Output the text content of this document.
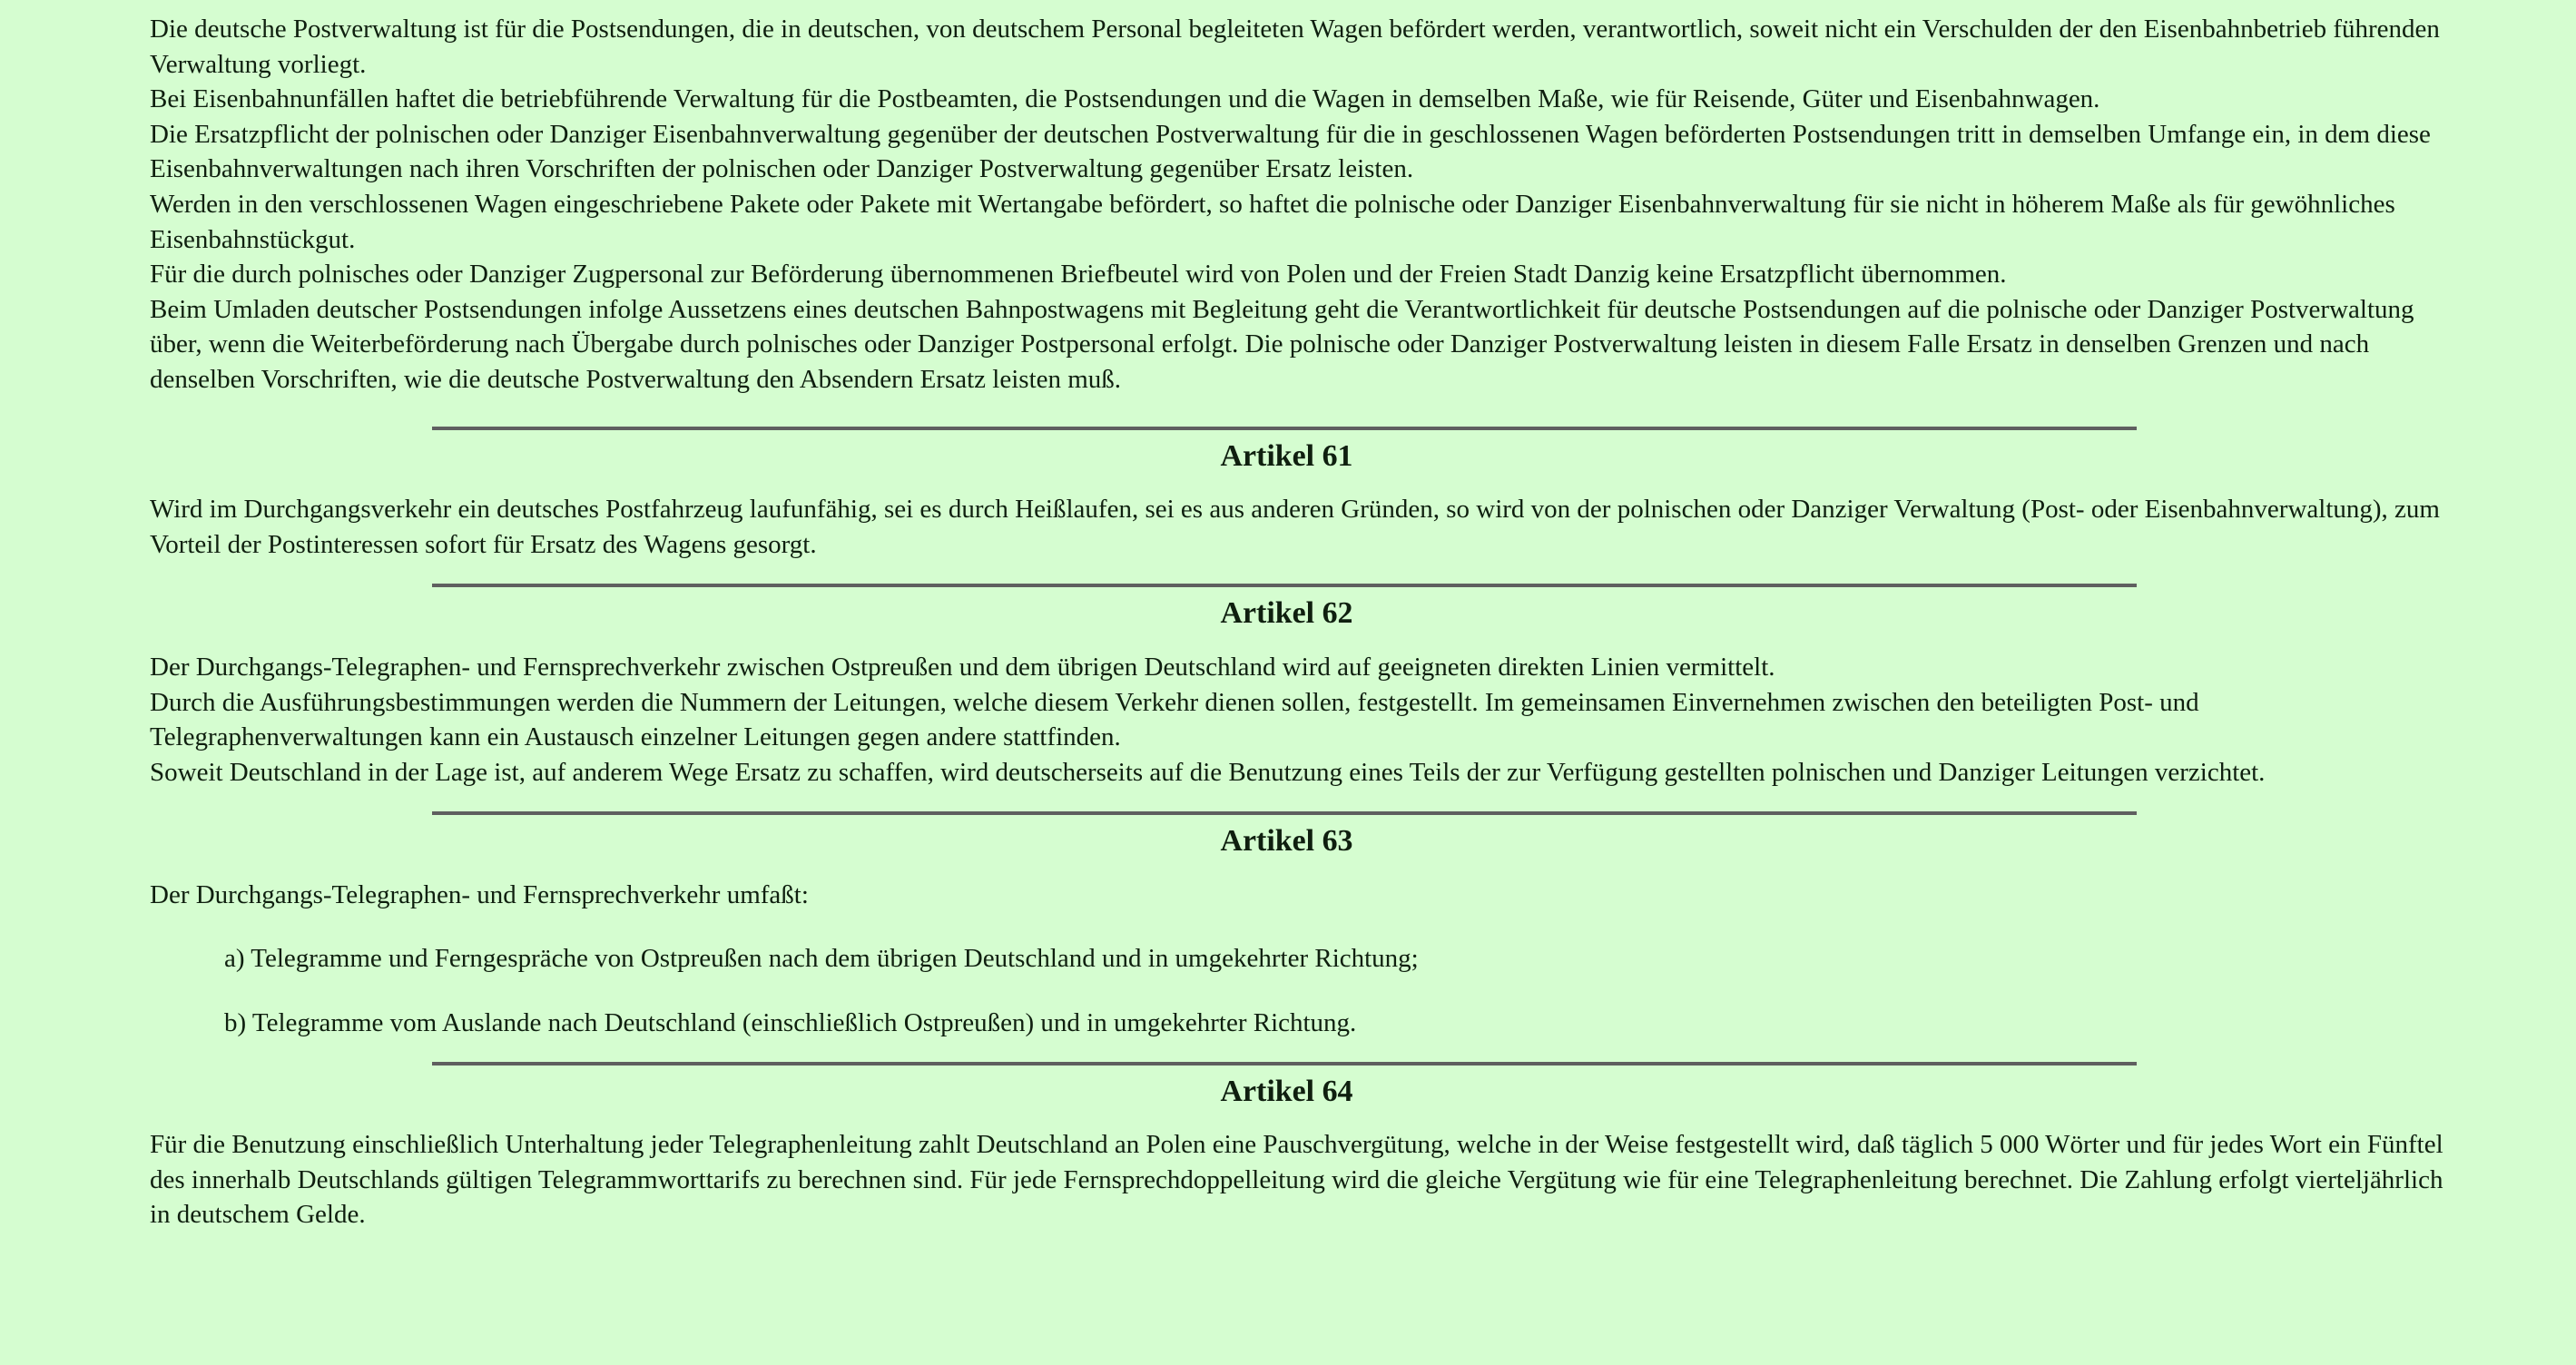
Die deutsche Postverwaltung ist für die Postsendungen, die in deutschen, von deutschem Personal begleiteten Wagen befördert werden, verantwortlich, soweit nicht ein Verschulden der den Eisenbahnbetrieb führenden Verwaltung vorliegt.

Bei Eisenbahnunfällen haftet die betriebführende Verwaltung für die Postbeamten, die Postsendungen und die Wagen in demselben Maße, wie für Reisende, Güter und Eisenbahnwagen.

Die Ersatzpflicht der polnischen oder Danziger Eisenbahnverwaltung gegenüber der deutschen Postverwaltung für die in geschlossenen Wagen beförderten Postsendungen tritt in demselben Umfange ein, in dem diese Eisenbahnverwaltungen nach ihren Vorschriften der polnischen oder Danziger Postverwaltung gegenüber Ersatz leisten.

Werden in den verschlossenen Wagen eingeschriebene Pakete oder Pakete mit Wertangabe befördert, so haftet die polnische oder Danziger Eisenbahnverwaltung für sie nicht in höherem Maße als für gewöhnliches Eisenbahnstückgut.

Für die durch polnisches oder Danziger Zugpersonal zur Beförderung übernommenen Briefbeutel wird von Polen und der Freien Stadt Danzig keine Ersatzpflicht übernommen.

Beim Umladen deutscher Postsendungen infolge Aussetzens eines deutschen Bahnpostwagens mit Begleitung geht die Verantwortlichkeit für deutsche Postsendungen auf die polnische oder Danziger Postverwaltung über, wenn die Weiterbeförderung nach Übergabe durch polnisches oder Danziger Postpersonal erfolgt. Die polnische oder Danziger Postverwaltung leisten in diesem Falle Ersatz in denselben Grenzen und nach denselben Vorschriften, wie die deutsche Postverwaltung den Absendern Ersatz leisten muß.

Artikel 61

Wird im Durchgangsverkehr ein deutsches Postfahrzeug laufunfähig, sei es durch Heißlaufen, sei es aus anderen Gründen, so wird von der polnischen oder Danziger Verwaltung (Post- oder Eisenbahnverwaltung), zum Vorteil der Postinteressen sofort für Ersatz des Wagens gesorgt.

Artikel 62

Der Durchgangs-Telegraphen- und Fernsprechverkehr zwischen Ostpreußen und dem übrigen Deutschland wird auf geeigneten direkten Linien vermittelt.

Durch die Ausführungsbestimmungen werden die Nummern der Leitungen, welche diesem Verkehr dienen sollen, festgestellt. Im gemeinsamen Einvernehmen zwischen den beteiligten Post- und Telegraphenverwaltungen kann ein Austausch einzelner Leitungen gegen andere stattfinden.

Soweit Deutschland in der Lage ist, auf anderem Wege Ersatz zu schaffen, wird deutscherseits auf die Benutzung eines Teils der zur Verfügung gestellten polnischen und Danziger Leitungen verzichtet.

Artikel 63

Der Durchgangs-Telegraphen- und Fernsprechverkehr umfaßt:

a) Telegramme und Ferngespräche von Ostpreußen nach dem übrigen Deutschland und in umgekehrter Richtung;

b) Telegramme vom Auslande nach Deutschland (einschließlich Ostpreußen) und in umgekehrter Richtung.

Artikel 64

Für die Benutzung einschließlich Unterhaltung jeder Telegraphenleitung zahlt Deutschland an Polen eine Pauschvergütung, welche in der Weise festgestellt wird, daß täglich 5 000 Wörter und für jedes Wort ein Fünftel des innerhalb Deutschlands gültigen Telegrammworttarifs zu berechnen sind. Für jede Fernsprechdoppelleitung wird die gleiche Vergütung wie für eine Telegraphenleitung berechnet. Die Zahlung erfolgt vierteljährlich in deutschem Gelde.
